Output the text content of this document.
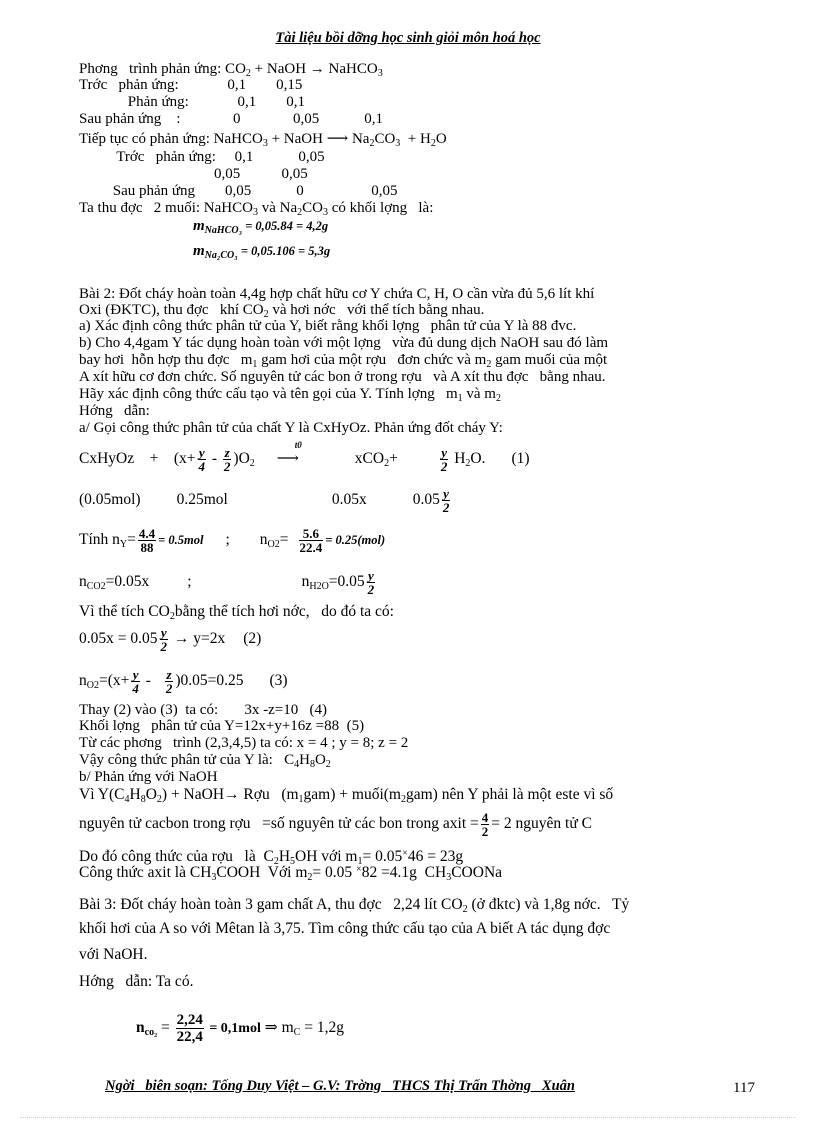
Tài liệu bồi dỡng học sinh giỏi môn hoá học
Phơng   trình phản ứng: $CO_2$ + NaOH → NaHCO$_3$
Trớc   phản ứng:             0,1        0,15
Phản ứng:             0,1        0,1
Sau phản ứng    :              0              0,05            0,1
Tiếp tục có phản ứng: NaHCO$_3$ + NaOH ⟶ $Na_2CO_3 + H_2O$
Trớc   phản ứng:     0,1            0,05
0,05           0,05
Sau phản ứng        0,05            0                  0,05
Ta thu đợc   2 muối: NaHCO$_3$ và $Na_2CO_3$ có khối lợng   là:
$m_{NaHCO_3} = 0,05.84 = 4,2g$
$m_{Na_2CO_3} = 0,05.106 = 5,3g$
Bài 2: Đốt cháy hoàn toàn 4,4g hợp chất hữu cơ Y chứa C, H, O cần vừa đủ 5,6 lít khí
Oxi (ĐKTC), thu đợc   khí $CO_2$ và hơi nớc   với thể tích bằng nhau.
a) Xác định công thức phân tử của Y, biết rằng khối lợng   phân tử của Y là 88 đvc.
b) Cho 4,4gam Y tác dụng hoàn toàn với một lợng   vừa đủ dung dịch NaOH sau đó làm
bay hơi  hỗn hợp thu đợc   $m_1$ gam hơi của một rợu   đơn chức và $m_2$ gam muối của một
A xít hữu cơ đơn chức. Số nguyên tử các bon ở trong rợu   và A xít thu đợc   bằng nhau.
Hãy xác định công thức cấu tạo và tên gọi của Y. Tính lợng   $m_1$ và $m_2$
Hớng   dẫn:
a/ Gọi công thức phân tử của chất Y là CxHyOz. Phản ứng đốt cháy Y:
CxHyOz    +    $(x+ \frac{y}{4} - \frac{z}{2} )O_2$
t0
⟶	xCO$_2$+	$\frac{y}{2} H_2O$. (1)
(0.05mol) 0.25mol	0.05x	$0.05 \frac{y}{2}$
Tính $n_Y= \frac{4.4}{88} = 0.5mol$ ; $n_{O2}= \frac{5.6}{22.4} = 0.25(mol)$
$n_{CO2}=0.05x$ ;	$n_{H2O}=0.05 \frac{y}{2}$
Vì thể tích $CO_2bằng$ thể tích hơi nớc,   do đó ta có:
$0.05x = 0.05 \frac{y}{2} \to y=2x$ (2)
$n_{O2}=(x+ \frac{y}{4} - \frac{z}{2} )0.05=0.25$ (3)
Thay (2) vào (3)  ta có:       3x -z=10   (4)
Khối lợng   phân tử của Y=12x+y+16z =88  (5)
Từ các phơng   trình (2,3,4,5) ta có: x = 4 ; y = 8; z = 2
Vậy công thức phân tử của Y là:   $C_4H_8O_2$
b/ Phản ứng với NaOH
Vì $Y(C_4H_8O_2)$ + NaOH→ Rợu   $(m_1gam)$ + $muối(m_2gam)$ nên Y phải là một este vì số
nguyên tử cacbon trong rợu   =số nguyên tử các bon trong axit = $\frac{4}{2} = 2$ nguyên tử C
Do đó công thức của rợu   là  $C_2H_5OH$ với $m_1= 0.05^\times 46 = 23g$
Công thức axit là $CH_3COOH$  Với $m_2= 0.05$ ×82 =4.1g  $CH_3COONa$
Bài 3: Đốt cháy hoàn toàn 3 gam chất A, thu đợc   2,24 lít $CO_2$ (ở đktc) và 1,8g nớc.   Tỷ
khối hơi của A so với Mêtan là 3,75. Tìm công thức cấu tạo của A biết A tác dụng đợc
với NaOH.
Hớng   dẫn: Ta có.
$n_{co_2} = \frac{2,24}{22,4} = 0,1mol$ ⇒ $m_C = 1,2g$
Ngời   biên soạn: Tống Duy Việt – G.V: Trờng   THCS Thị Trấn Thờng   Xuân	117
